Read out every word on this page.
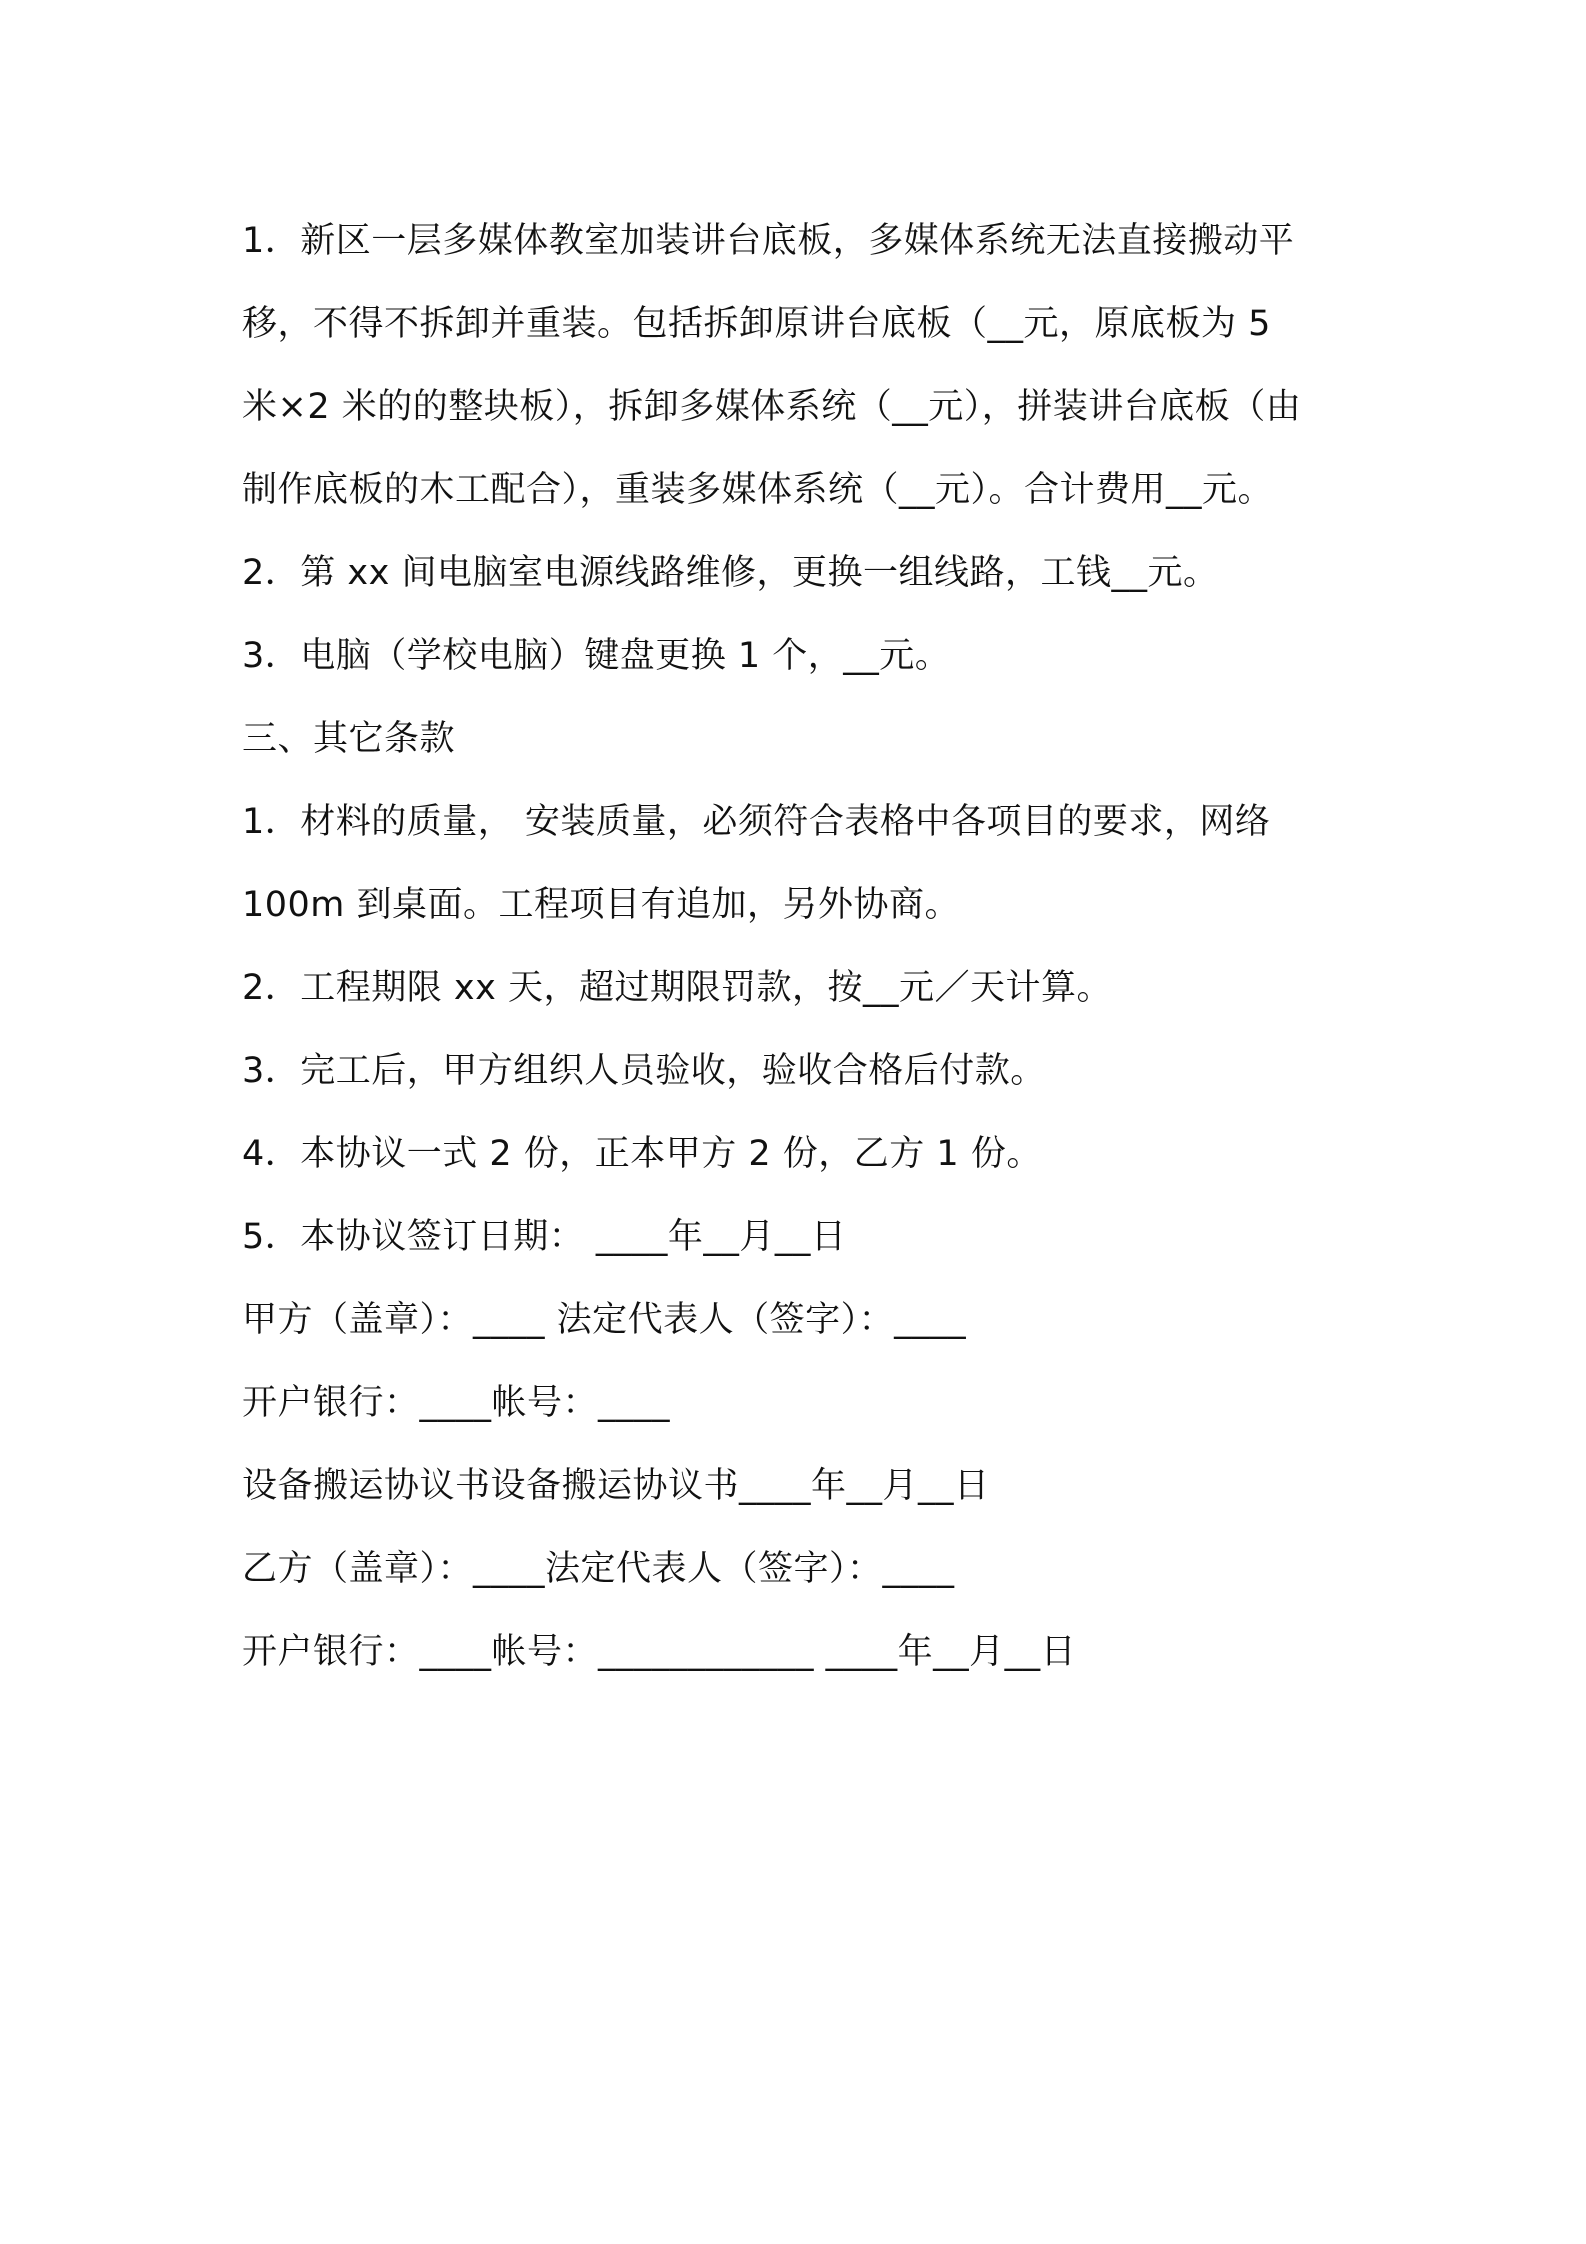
1．新区一层多媒体教室加装讲台底板，多媒体系统无法直接搬动平
移，不得不拆卸并重装。包括拆卸原讲台底板（__元，原底板为 5
米×2 米的的整块板），拆卸多媒体系统（__元），拼装讲台底板（由
制作底板的木工配合），重装多媒体系统（__元）。合计费用__元。
2．第 xx 间电脑室电源线路维修，更换一组线路，工钱__元。
3．电脑（学校电脑）键盘更换 1 个，__元。
三、其它条款
1．材料的质量， 安装质量，必须符合表格中各项目的要求，网络
100m 到桌面。工程项目有追加，另外协商。
2．工程期限 xx 天，超过期限罚款，按__元／天计算。
3．完工后，甲方组织人员验收，验收合格后付款。
4．本协议一式 2 份，正本甲方 2 份，乙方 1 份。
5．本协议签订日期： ____年__月__日
甲方（盖章）：____ 法定代表人（签字）：____
开户银行：____帐号：____
设备搬运协议书设备搬运协议书____年__月__日
乙方（盖章）：____法定代表人（签字）：____
开户银行：____帐号：____________ ____年__月__日
